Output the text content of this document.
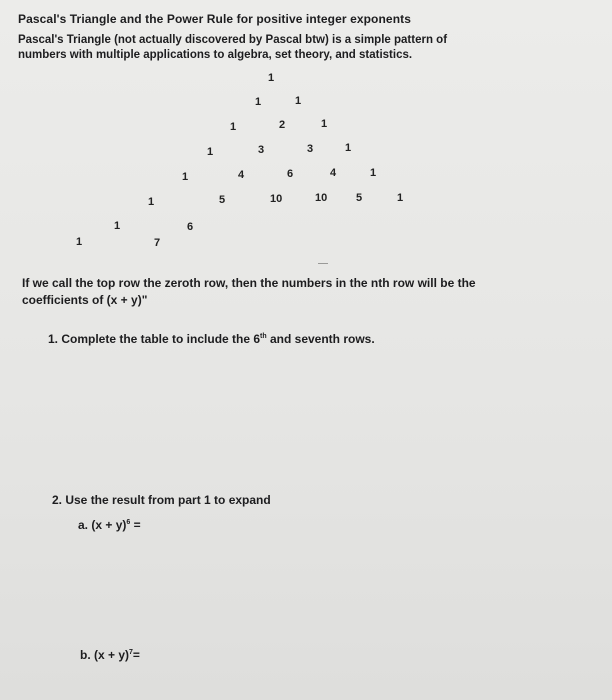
Pascal's Triangle and the Power Rule for positive integer exponents
Pascal's Triangle (not actually discovered by Pascal btw) is a simple pattern of
numbers with multiple applications to algebra, set theory, and statistics.
1
1	1
1	2	1
1	3	3	1
1	4	6	4	1
1	5	10	10	5	1
1	6
1	7
If we call the top row the zeroth row, then the numbers in the nth row will be the
coefficients of (x + y)"
1. Complete the table to include the 6th and seventh rows.
2. Use the result from part 1 to expand
a. $(x + y)^6$ =
b. $(x + y)^7=$
